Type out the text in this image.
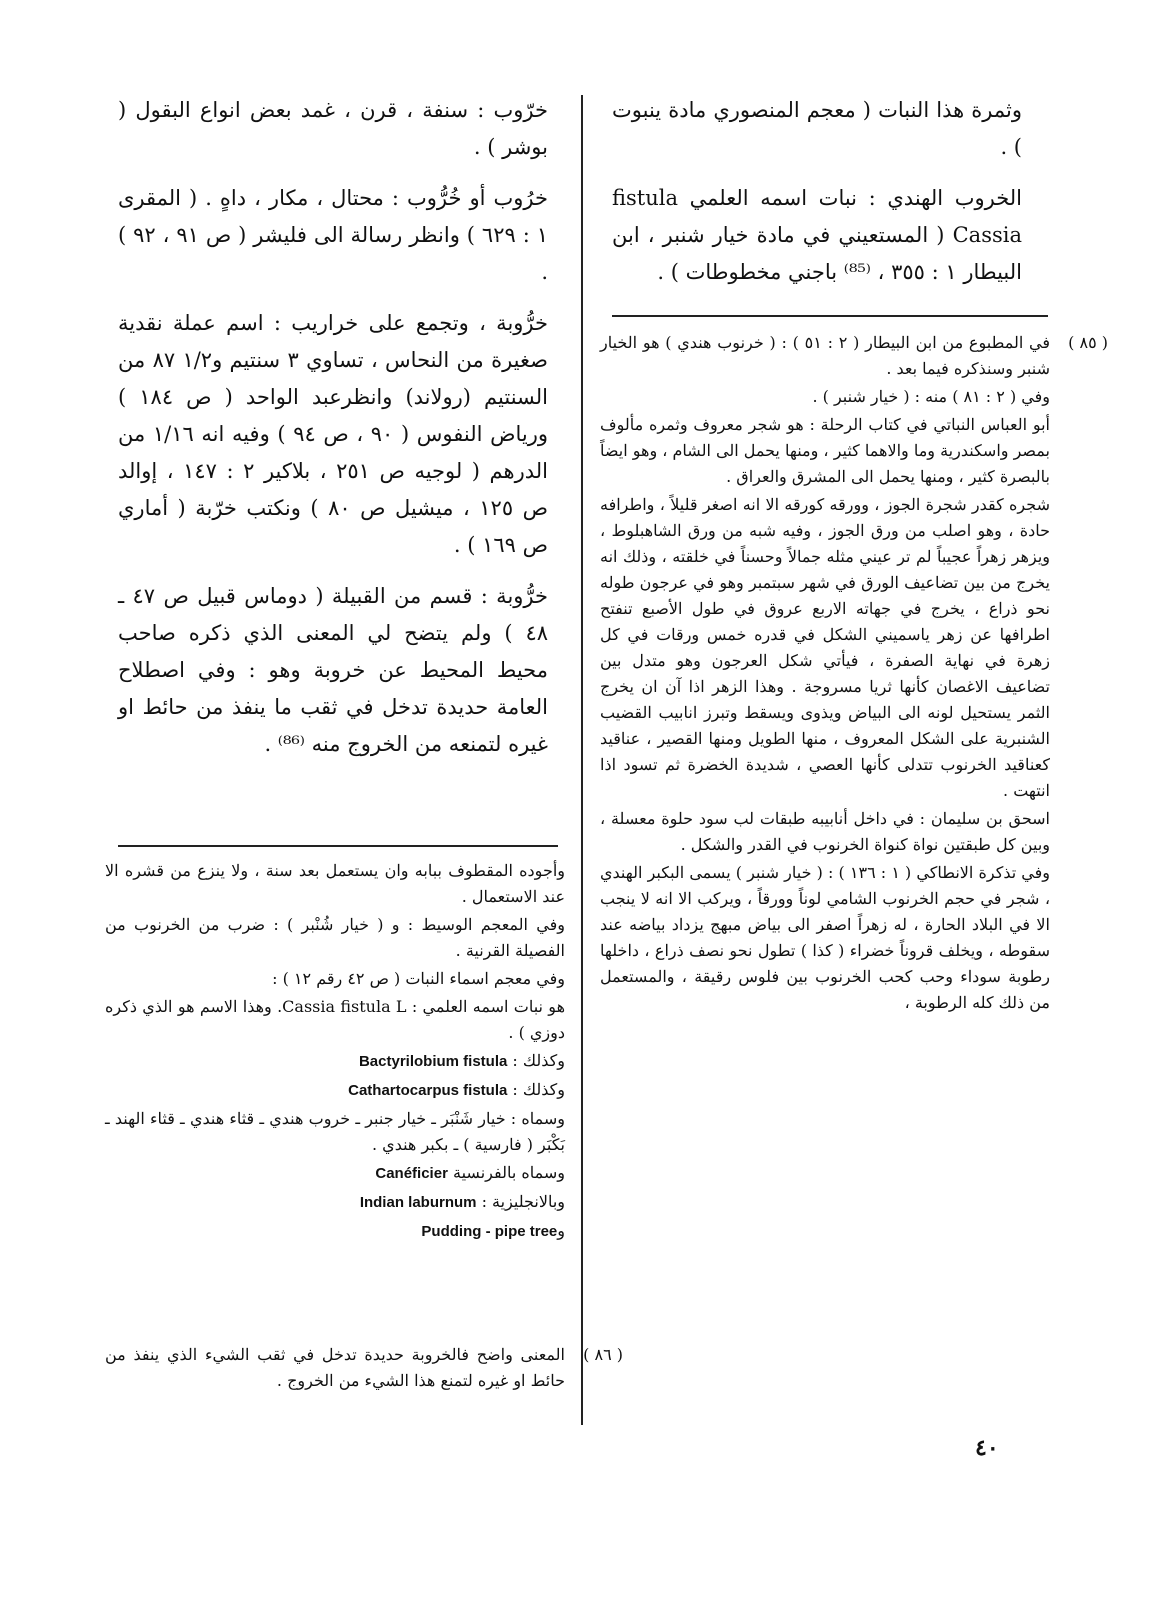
وثمرة هذا النبات ( معجم المنصوري مادة ينبوت ) .

الخروب الهندي : نبات اسمه العلمي fistula Cassia ( المستعيني في مادة خيار شنبر ، ابن البيطار ١ : ٣٥٥ ، ⁽⁸⁵⁾ باجني مخطوطات ) .

( ٨٥ )في المطبوع من ابن البيطار ( ٢ : ٥١ ) : ( خرنوب هندي ) هو الخيار شنبر وسنذكره فيما بعد .

وفي ( ٢ : ٨١ ) منه : ( خيار شنبر ) .

أبو العباس النباتي في كتاب الرحلة : هو شجر معروف وثمره مألوف بمصر واسكندرية وما والاهما كثير ، ومنها يحمل الى الشام ، وهو ايضاً بالبصرة كثير ، ومنها يحمل الى المشرق والعراق .

شجره كقدر شجرة الجوز ، وورقه كورقه الا انه اصغر قليلاً ، واطرافه حادة ، وهو اصلب من ورق الجوز ، وفيه شبه من ورق الشاهبلوط ، ويزهر زهراً عجيباً لم تر عيني مثله جمالاً وحسناً في خلقته ، وذلك انه يخرج من بين تضاعيف الورق في شهر سبتمبر وهو في عرجون طوله نحو ذراع ، يخرج في جهاته الاربع عروق في طول الأصبع تنفتح اطرافها عن زهر ياسميني الشكل في قدره خمس ورقات في كل زهرة في نهاية الصفرة ، فيأتي شكل العرجون وهو متدل بين تضاعيف الاغصان كأنها ثريا مسروجة . وهذا الزهر اذا آن ان يخرج الثمر يستحيل لونه الى البياض ويذوى ويسقط وتبرز انابيب القضيب الشنبرية على الشكل المعروف ، منها الطويل ومنها القصير ، عناقيد كعناقيد الخرنوب تتدلى كأنها العصي ، شديدة الخضرة ثم تسود اذا انتهت .

اسحق بن سليمان : في داخل أنابيبه طبقات لب سود حلوة معسلة ، وبين كل طبقتين نواة كنواة الخرنوب في القدر والشكل .

وفي تذكرة الانطاكي ( ١ : ١٣٦ ) : ( خيار شنبر ) يسمى البكبر الهندي ، شجر في حجم الخرنوب الشامي لوناً وورقاً ، ويركب الا انه لا ينجب الا في البلاد الحارة ، له زهراً اصفر الى بياض مبهج يزداد بياضه عند سقوطه ، ويخلف قروناً خضراء ( كذا ) تطول نحو نصف ذراع ، داخلها رطوبة سوداء وحب كحب الخرنوب بين فلوس رقيقة ، والمستعمل من ذلك كله الرطوبة ،

خرّوب : سنفة ، قرن ، غمد بعض انواع البقول ( بوشر ) .

خرُوب أو خُرُّوب : محتال ، مكار ، داهٍ . ( المقرى ١ : ٦٢٩ ) وانظر رسالة الى فليشر ( ص ٩١ ، ٩٢ ) .

خرُّوبة ، وتجمع على خراريب : اسم عملة نقدية صغيرة من النحاس ، تساوي ٣ سنتيم و١/٢ ٨٧ من السنتيم (رولاند) وانظرعبد الواحد ( ص ١٨٤ ) ورياض النفوس ( ٩٠ ، ص ٩٤ ) وفيه انه ١/١٦ من الدرهم ( لوجيه ص ٢٥١ ، بلاكير ٢ : ١٤٧ ، إوالد ص ١٢٥ ، ميشيل ص ٨٠ ) ونكتب خرّبة ( أماري ص ١٦٩ ) .

خرُّوبة : قسم من القبيلة ( دوماس قبيل ص ٤٧ ـ ٤٨ ) ولم يتضح لي المعنى الذي ذكره صاحب محيط المحيط عن خروبة وهو : وفي اصطلاح العامة حديدة تدخل في ثقب ما ينفذ من حائط او غيره لتمنعه من الخروج منه ⁽⁸⁶⁾ .

وأجوده المقطوف ببابه وان يستعمل بعد سنة ، ولا ينزع من قشره الا عند الاستعمال .

وفي المعجم الوسيط : و ( خيار شُنْبر ) : ضرب من الخرنوب من الفصيلة القرنية .

وفي معجم اسماء النبات ( ص ٤٢ رقم ١٢ ) :

هو نبات اسمه العلمي : Cassia fistula L. وهذا الاسم هو الذي ذكره دوزي ) .

وكذلك : Bactyrilobium fistula

وكذلك : Cathartocarpus fistula

وسماه : خيار شَنْبَر ـ خيار جنبر ـ خروب هندي ـ قثاء هندي ـ قثاء الهند ـ بَكْبَر ( فارسية ) ـ بكبر هندي .

وسماه بالفرنسية Canéficier

وبالانجليزية : Indian laburnum

وPudding - pipe tree

( ٨٦ )المعنى واضح فالخروبة حديدة تدخل في ثقب الشيء الذي ينفذ من حائط او غيره لتمنع هذا الشيء من الخروج .

٤٠
